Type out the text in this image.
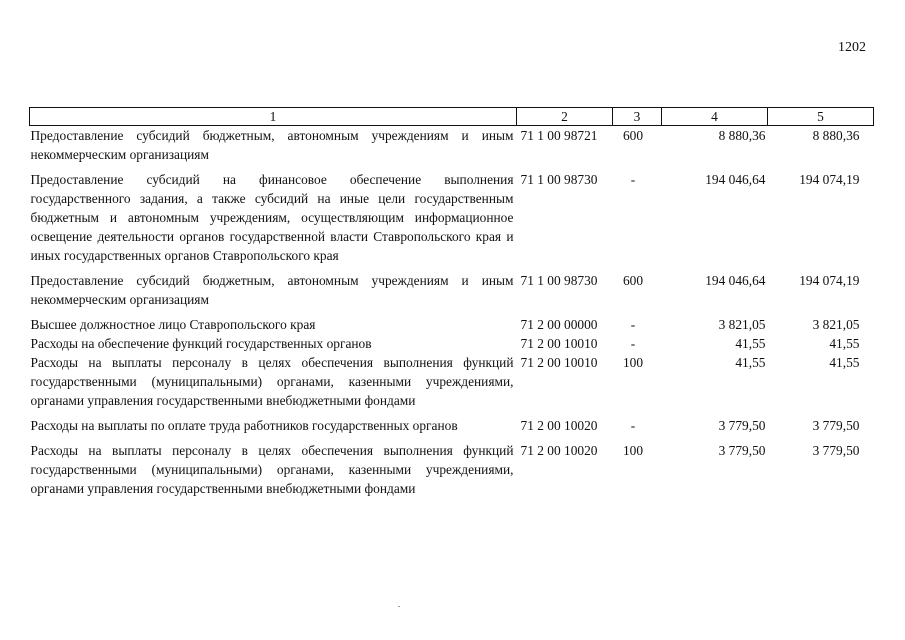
1202
1	2	3	4	5
Предоставление субсидий бюджетным, автономным учреждениям и иным некоммерческим организациям	71 1 00 98721	600	8 880,36	8 880,36
Предоставление субсидий на финансовое обеспечение выполнения государственного задания, а также субсидий на иные цели государственным бюджетным и автономным учреждениям, осуществляющим информационное освещение деятельности органов государственной власти Ставропольского края и иных государственных органов Ставропольского края	71 1 00 98730	-	194 046,64	194 074,19
Предоставление субсидий бюджетным, автономным учреждениям и иным некоммерческим организациям	71 1 00 98730	600	194 046,64	194 074,19
Высшее должностное лицо Ставропольского края	71 2 00 00000	-	3 821,05	3 821,05
Расходы на обеспечение функций государственных органов	71 2 00 10010	-	41,55	41,55
Расходы на выплаты персоналу в целях обеспечения выполнения функций государственными (муниципальными) органами, казенными учреждениями, органами управления государственными внебюджетными фондами	71 2 00 10010	100	41,55	41,55
Расходы на выплаты по оплате труда работников государственных органов	71 2 00 10020	-	3 779,50	3 779,50
Расходы на выплаты персоналу в целях обеспечения выполнения функций государственными (муниципальными) органами, казенными учреждениями, органами управления государственными внебюджетными фондами	71 2 00 10020	100	3 779,50	3 779,50
